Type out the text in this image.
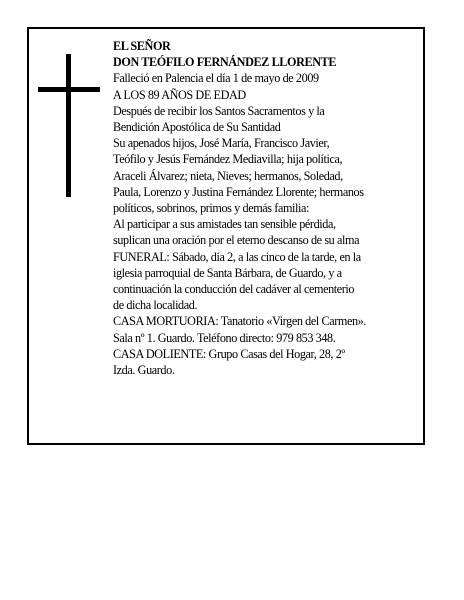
EL SEÑOR
DON TEÓFILO FERNÁNDEZ LLORENTE
Falleció en Palencia el día 1 de mayo de 2009
A LOS 89 AÑOS DE EDAD
Después de recibir los Santos Sacramentos y la
Bendición Apostólica de Su Santidad
Su apenados hijos, José María, Francisco Javier,
Teófilo y Jesús Fernández Mediavilla; hija política,
Araceli Álvarez; nieta, Nieves; hermanos, Soledad,
Paula, Lorenzo y Justina Fernández Llorente; hermanos
políticos, sobrinos, primos y demás familia:
Al participar a sus amistades tan sensible pérdida,
suplican una oración por el eterno descanso de su alma
FUNERAL: Sábado, día 2, a las cinco de la tarde, en la
iglesia parroquial de Santa Bárbara, de Guardo, y a
continuación la conducción del cadáver al cementerio
de dicha localidad.
CASA MORTUORIA: Tanatorio «Virgen del Carmen».
Sala nº 1. Guardo. Teléfono directo: 979 853 348.
CASA DOLIENTE: Grupo Casas del Hogar, 28, 2º
Izda. Guardo.
